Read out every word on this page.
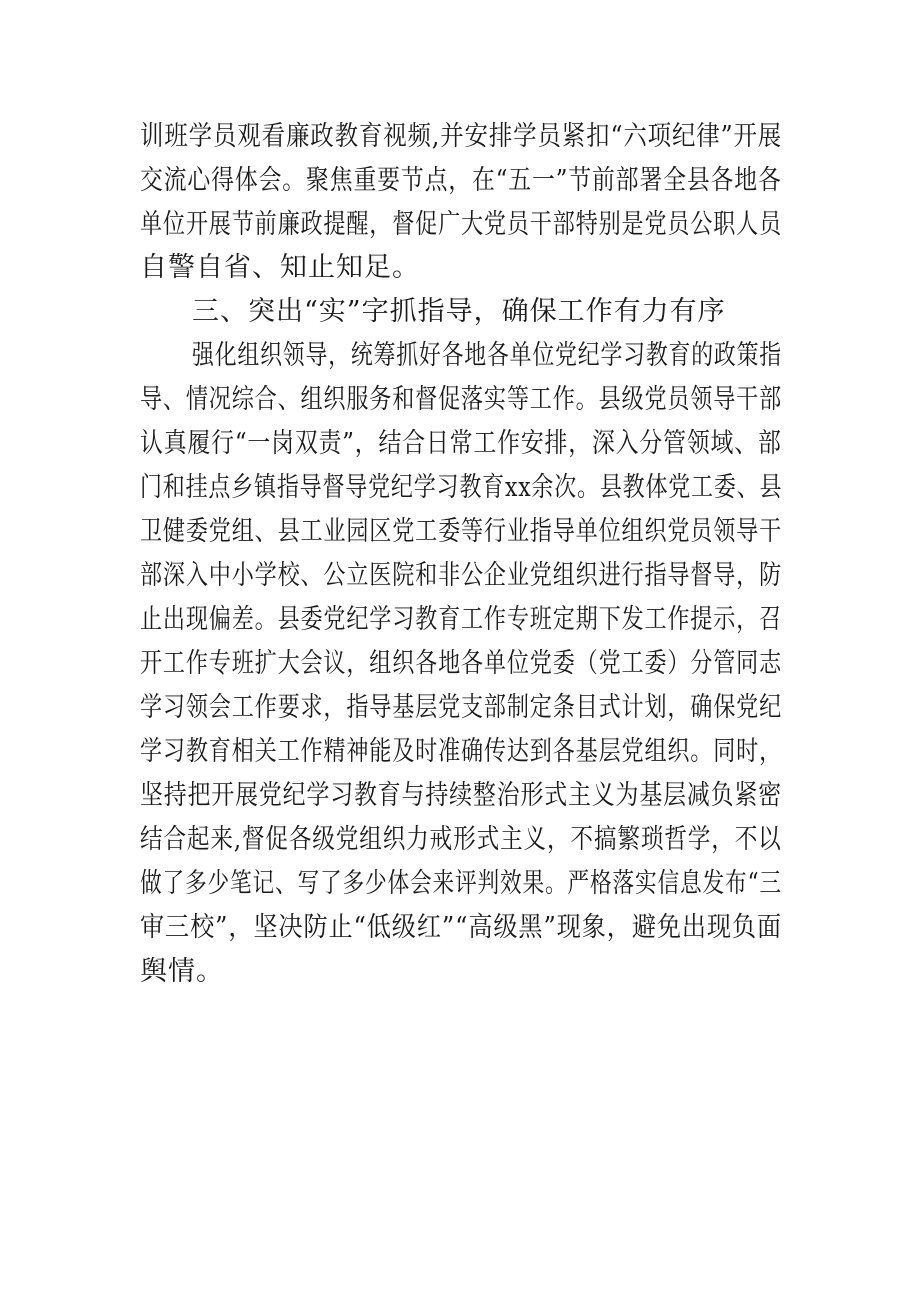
训班学员观看廉政教育视频,并安排学员紧扣“六项纪律”开展
交流心得体会。聚焦重要节点，在“五一”节前部署全县各地各
单位开展节前廉政提醒，督促广大党员干部特别是党员公职人员
自警自省、知止知足。
三、突出“实”字抓指导，确保工作有力有序
强化组织领导，统筹抓好各地各单位党纪学习教育的政策指
导、情况综合、组织服务和督促落实等工作。县级党员领导干部
认真履行“一岗双责”，结合日常工作安排，深入分管领域、部
门和挂点乡镇指导督导党纪学习教育xx余次。县教体党工委、县
卫健委党组、县工业园区党工委等行业指导单位组织党员领导干
部深入中小学校、公立医院和非公企业党组织进行指导督导，防
止出现偏差。县委党纪学习教育工作专班定期下发工作提示，召
开工作专班扩大会议，组织各地各单位党委（党工委）分管同志
学习领会工作要求，指导基层党支部制定条目式计划，确保党纪
学习教育相关工作精神能及时准确传达到各基层党组织。同时，
坚持把开展党纪学习教育与持续整治形式主义为基层减负紧密
结合起来,督促各级党组织力戒形式主义，不搞繁琐哲学，不以
做了多少笔记、写了多少体会来评判效果。严格落实信息发布“三
审三校”，坚决防止“低级红”“高级黑”现象，避免出现负面
舆情。
